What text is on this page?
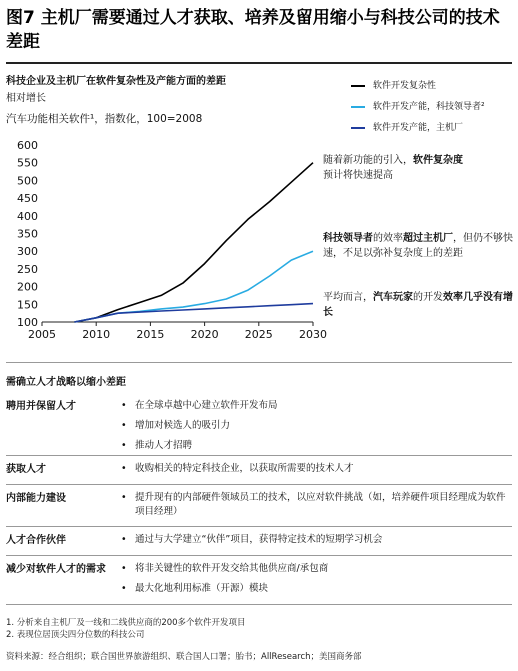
图7 主机厂需要通过人才获取、培养及留用缩小与科技公司的技术差距
科技企业及主机厂在软件复杂性及产能方面的差距
相对增长
汽车功能相关软件¹，指数化，100=2008
软件开发复杂性
软件开发产能，科技领导者²
软件开发产能，主机厂
600
550
500
450
400
350
300
250
200
150
100
2005 2010 2015 2020 2025 2030
随着新功能的引入，软件复杂度
预计将快速提高
科技领导者的效率超过主机厂，但仍不够快速，不足以弥补复杂度上的差距
平均而言，汽车玩家的开发效率几乎没有增长
需确立人才战略以缩小差距
聘用并保留人才	• 在全球卓越中心建立软件开发布局
• 增加对候选人的吸引力
• 推动人才招聘
获取人才	• 收购相关的特定科技企业，以获取所需要的技术人才
内部能力建设	• 提升现有的内部硬件领域员工的技术，以应对软件挑战（如，培养硬件项目经理成为软件项目经理）
人才合作伙伴	• 通过与大学建立“伙伴”项目，获得特定技术的短期学习机会
减少对软件人才的需求	• 将非关键性的软件开发交给其他供应商/承包商
• 最大化地利用标准（开源）模块
1. 分析来自主机厂及一线和二线供应商的200多个软件开发项目
2. 表现位居顶尖四分位数的科技公司
资料来源：经合组织；联合国世界旅游组织、联合国人口署；胎书；AllResearch；美国商务部
